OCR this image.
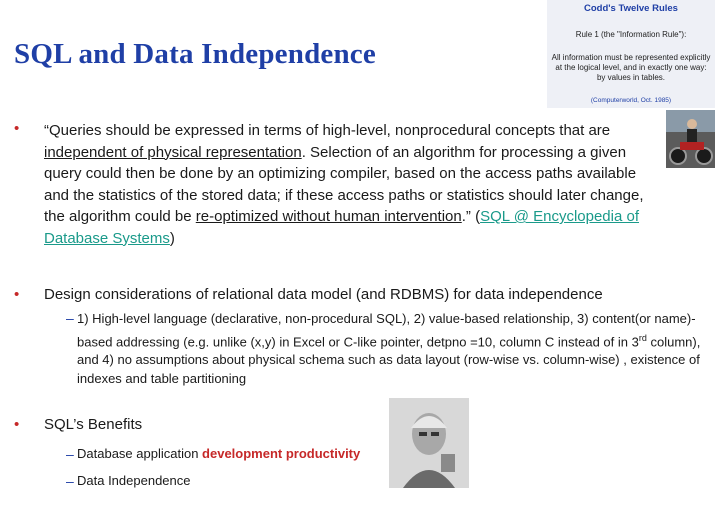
SQL and Data Independence
Codd's Twelve Rules
Rule 1 (the "Information Rule"):
All information must be represented explicitly at the logical level, and in exactly one way: by values in tables.
(Computerworld, Oct. 1985)
• “Queries should be expressed in terms of high-level, nonprocedural concepts that are independent of physical representation. Selection of an algorithm for processing a given query could then be done by an optimizing compiler, based on the access paths available and the statistics of the stored data; if these access paths or statistics should later change, the algorithm could be re-optimized without human intervention.” (SQL @ Encyclopedia of Database Systems)
• Design considerations of relational data model (and RDBMS) for data independence
– 1) High-level language (declarative, non-procedural SQL), 2) value-based relationship, 3) content(or name)-based addressing (e.g. unlike (x,y) in Excel or C-like pointer, detpno =10, column C instead of in 3rd column), and 4) no assumptions about physical schema such as data layout (row-wise vs. column-wise) , existence of indexes and table partitioning
• SQL’s Benefits
– Database application development productivity
– Data Independence
